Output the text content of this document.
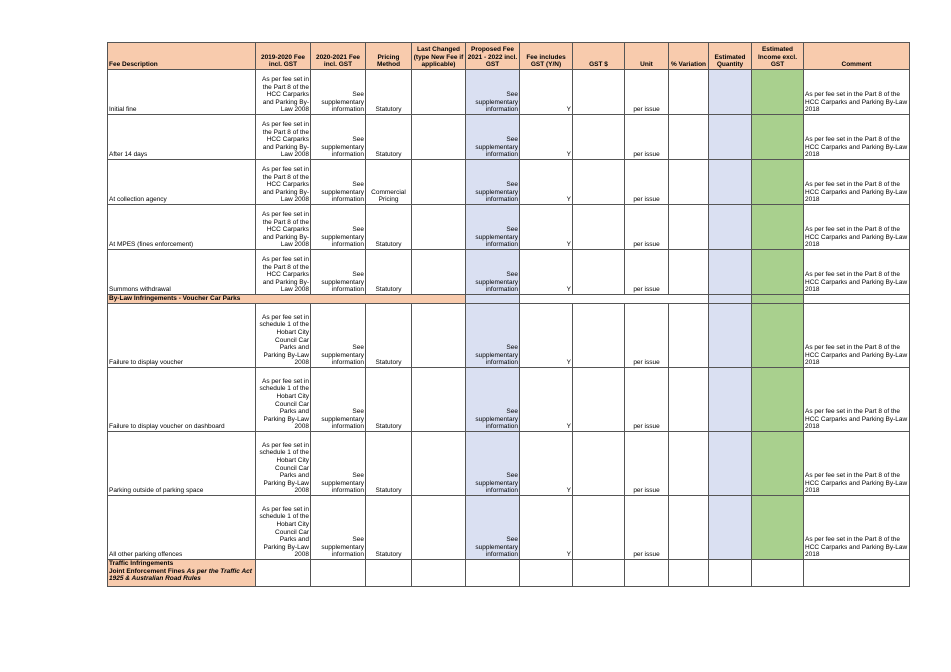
Fee Description	2019-2020 Fee incl. GST	2020-2021 Fee incl. GST	Pricing Method	Last Changed (type New Fee if applicable)	Proposed Fee 2021 - 2022 incl. GST	Fee includes GST (Y/N)	GST $	Unit	% Variation	Estimated Quantity	Estimated Income excl. GST	Comment
Initial fine	As per fee set in the Part 8 of the HCC Carparks and Parking By-Law 2008	See supplementary information	Statutory		See supplementary information	Y		per issue				As per fee set in the Part 8 of the HCC Carparks and Parking By-Law 2018
After 14 days	As per fee set in the Part 8 of the HCC Carparks and Parking By-Law 2008	See supplementary information	Statutory		See supplementary information	Y		per issue				As per fee set in the Part 8 of the HCC Carparks and Parking By-Law 2018
At collection agency	As per fee set in the Part 8 of the HCC Carparks and Parking By-Law 2008	See supplementary information	Commercial Pricing		See supplementary information	Y		per issue				As per fee set in the Part 8 of the HCC Carparks and Parking By-Law 2018
At MPES (fines enforcement)	As per fee set in the Part 8 of the HCC Carparks and Parking By-Law 2008	See supplementary information	Statutory		See supplementary information	Y		per issue				As per fee set in the Part 8 of the HCC Carparks and Parking By-Law 2018
Summons withdrawal	As per fee set in the Part 8 of the HCC Carparks and Parking By-Law 2008	See supplementary information	Statutory		See supplementary information	Y		per issue				As per fee set in the Part 8 of the HCC Carparks and Parking By-Law 2018
By-Law Infringements - Voucher Car Parks												
Failure to display voucher	As per fee set in schedule 1 of the Hobart City Council Car Parks and Parking By-Law 2008	See supplementary information	Statutory		See supplementary information	Y		per issue				As per fee set in the Part 8 of the HCC Carparks and Parking By-Law 2018
Failure to display voucher on dashboard	As per fee set in schedule 1 of the Hobart City Council Car Parks and Parking By-Law 2008	See supplementary information	Statutory		See supplementary information	Y		per issue				As per fee set in the Part 8 of the HCC Carparks and Parking By-Law 2018
Parking outside of parking space	As per fee set in schedule 1 of the Hobart City Council Car Parks and Parking By-Law 2008	See supplementary information	Statutory		See supplementary information	Y		per issue				As per fee set in the Part 8 of the HCC Carparks and Parking By-Law 2018
All other parking offences	As per fee set in schedule 1 of the Hobart City Council Car Parks and Parking By-Law 2008	See supplementary information	Statutory		See supplementary information	Y		per issue				As per fee set in the Part 8 of the HCC Carparks and Parking By-Law 2018

Traffic Infringements
Joint Enforcement Fines As per the Traffic Act 1925 & Australian Road Rules												
